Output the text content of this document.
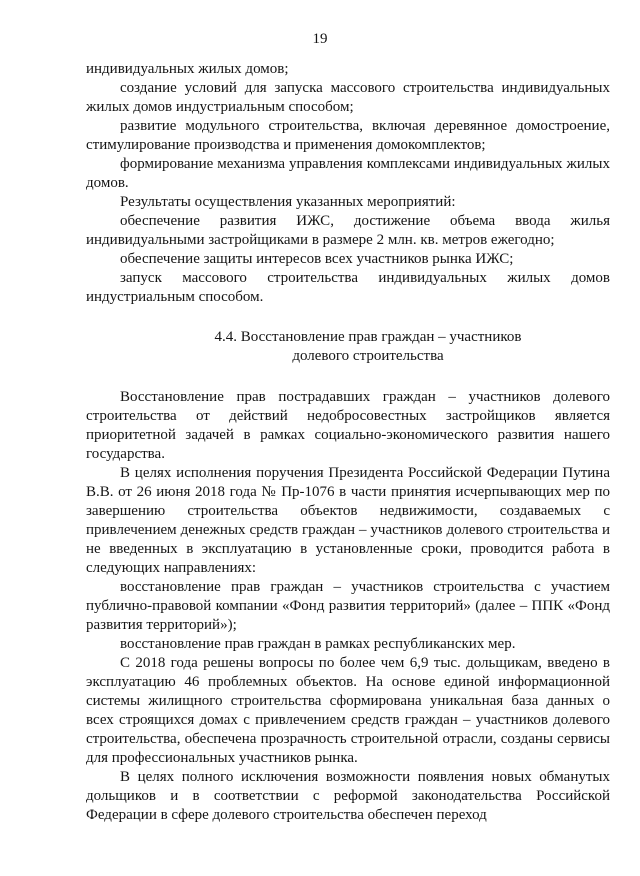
19

индивидуальных жилых домов;

создание условий для запуска массового строительства индивидуальных жилых домов индустриальным способом;

развитие модульного строительства, включая деревянное домостроение, стимулирование производства и применения домокомплектов;

формирование механизма управления комплексами индивидуальных жилых домов.

Результаты осуществления указанных мероприятий:

обеспечение развития ИЖС, достижение объема ввода жилья индивидуальными застройщиками в размере 2 млн. кв. метров ежегодно;

обеспечение защиты интересов всех участников рынка ИЖС;

запуск массового строительства индивидуальных жилых домов индустриальным способом.

4.4. Восстановление прав граждан – участников
долевого строительства

Восстановление прав пострадавших граждан – участников долевого строительства от действий недобросовестных застройщиков является приоритетной задачей в рамках социально-экономического развития нашего государства.

В целях исполнения поручения Президента Российской Федерации Путина В.В. от 26 июня 2018 года № Пр-1076 в части принятия исчерпывающих мер по завершению строительства объектов недвижимости, создаваемых с привлечением денежных средств граждан – участников долевого строительства и не введенных в эксплуатацию в установленные сроки, проводится работа в следующих направлениях:

восстановление прав граждан – участников строительства с участием публично-правовой компании «Фонд развития территорий» (далее – ППК «Фонд развития территорий»);

восстановление прав граждан в рамках республиканских мер.

С 2018 года решены вопросы по более чем 6,9 тыс. дольщикам, введено в эксплуатацию 46 проблемных объектов. На основе единой информационной системы жилищного строительства сформирована уникальная база данных о всех строящихся домах с привлечением средств граждан – участников долевого строительства, обеспечена прозрачность строительной отрасли, созданы сервисы для профессиональных участников рынка.

В целях полного исключения возможности появления новых обманутых дольщиков и в соответствии с реформой законодательства Российской Федерации в сфере долевого строительства обеспечен переход
